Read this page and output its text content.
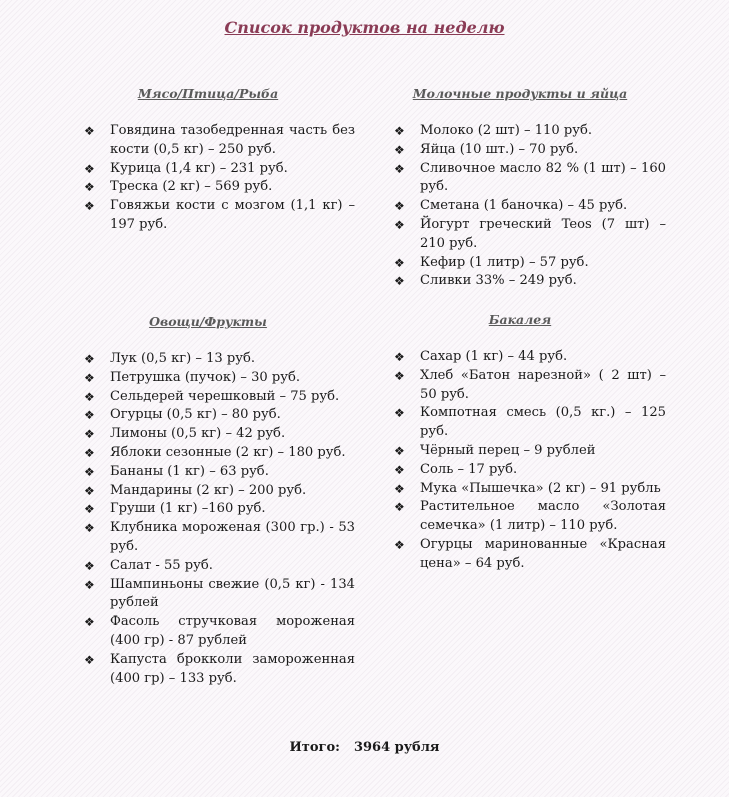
Список продуктов на неделю
Мясо/Птица/Рыба
❖ Говядина тазобедренная часть без кости (0,5 кг) – 250 руб.
❖ Курица (1,4 кг) – 231 руб.
❖ Треска (2 кг) – 569 руб.
❖ Говяжьи кости с мозгом (1,1 кг) – 197 руб.
Молочные продукты и яйца
❖ Молоко (2 шт) – 110 руб.
❖ Яйца (10 шт.) – 70 руб.
❖ Сливочное масло 82 % (1 шт) – 160 руб.
❖ Сметана (1 баночка) – 45 руб.
❖ Йогурт греческий Teos (7 шт) – 210 руб.
❖ Кефир (1 литр) – 57 руб.
❖ Сливки 33% – 249 руб.
Овощи/Фрукты
❖ Лук (0,5 кг) – 13 руб.
❖ Петрушка (пучок) – 30 руб.
❖ Сельдерей черешковый – 75 руб.
❖ Огурцы (0,5 кг) – 80 руб.
❖ Лимоны (0,5 кг) – 42 руб.
❖ Яблоки сезонные (2 кг) – 180 руб.
❖ Бананы (1 кг) – 63 руб.
❖ Мандарины (2 кг) – 200 руб.
❖ Груши (1 кг) –160 руб.
❖ Клубника мороженая (300 гр.) - 53 руб.
❖ Салат - 55 руб.
❖ Шампиньоны свежие (0,5 кг) - 134 рублей
❖ Фасоль стручковая мороженая (400 гр) - 87 рублей
❖ Капуста брокколи замороженная (400 гр) – 133 руб.
Бакалея
❖ Сахар (1 кг) – 44 руб.
❖ Хлеб «Батон нарезной» ( 2 шт) – 50 руб.
❖ Компотная смесь (0,5 кг.) – 125 руб.
❖ Чёрный перец – 9 рублей
❖ Соль – 17 руб.
❖ Мука «Пышечка» (2 кг) – 91 рубль
❖ Растительное масло «Золотая семечка» (1 литр) – 110 руб.
❖ Огурцы маринованные «Красная цена» – 64 руб.
Итого: 3964 рубля
